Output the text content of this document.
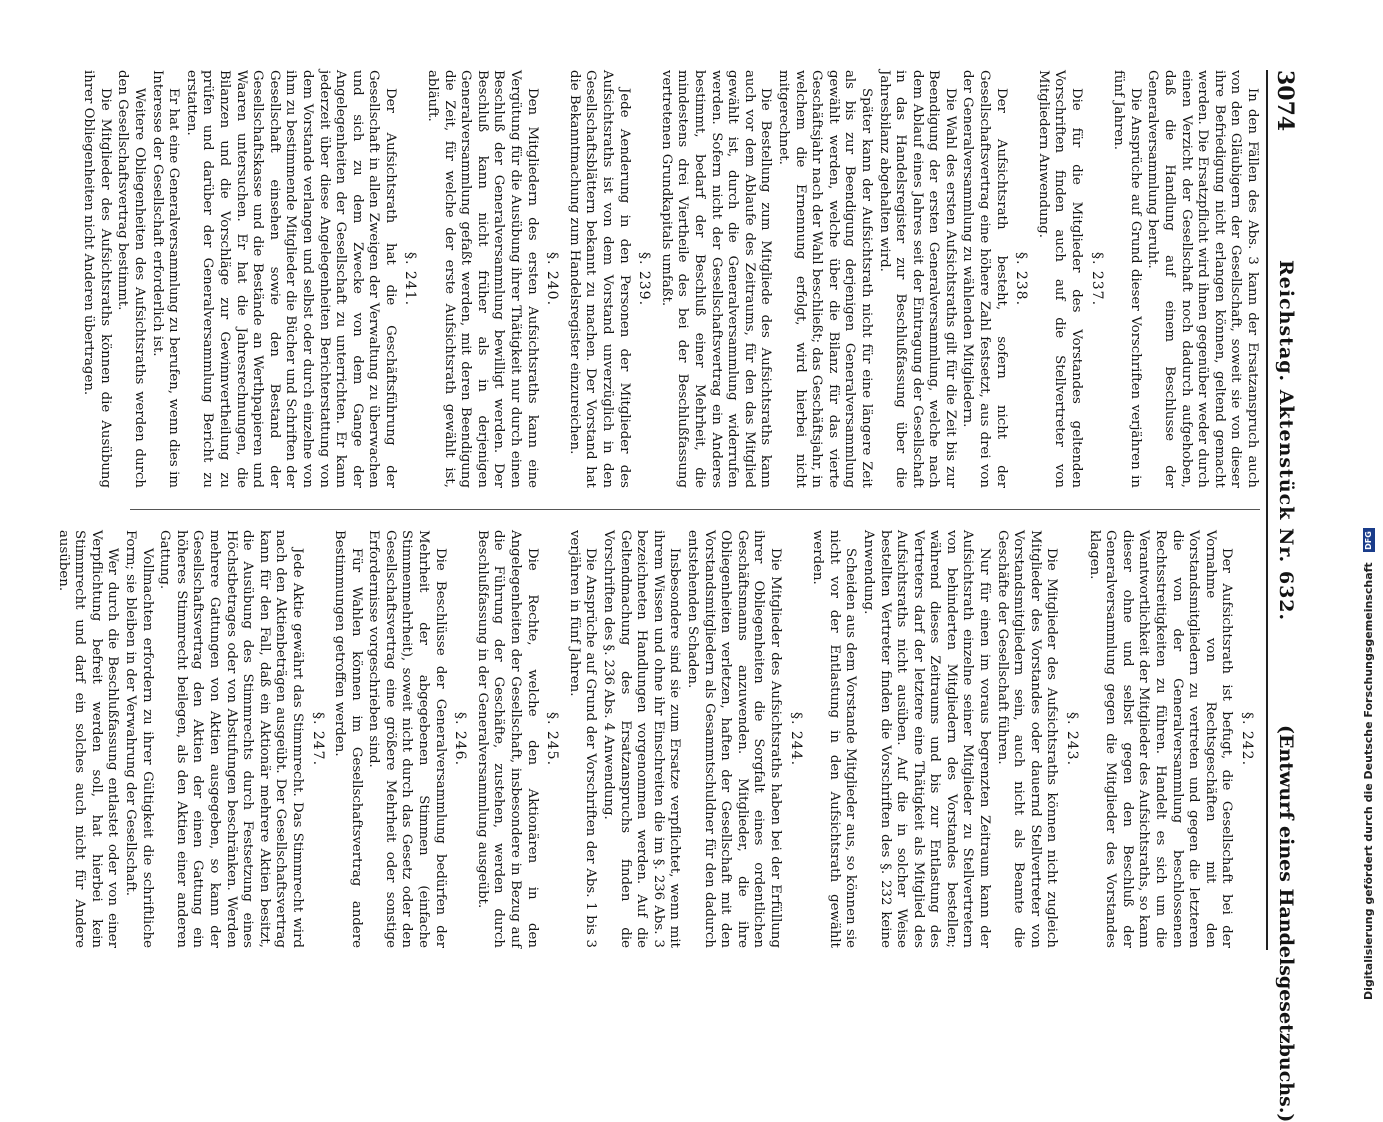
3074
Reichstag. Aktenstück Nr. 632.
(Entwurf eines Handelsgesetzbuchs.)
In den Fällen des Abs. 3 kann der Ersatzanspruch auch von den Gläubigern der Gesellschaft, soweit sie von dieser ihre Befriedigung nicht erlangen können, geltend gemacht werden. Die Ersatzpflicht wird ihnen gegenüber weder durch einen Verzicht der Gesellschaft noch dadurch aufgehoben, daß die Handlung auf einem Beschlusse der Generalversammlung beruht.
Die Ansprüche auf Grund dieser Vorschriften verjähren in fünf Jahren.
§. 237.
Die für die Mitglieder des Vorstandes geltenden Vorschriften finden auch auf die Stellvertreter von Mitgliedern Anwendung.
§. 238.
Der Aufsichtsrath besteht, sofern nicht der Gesellschaftsvertrag eine höhere Zahl festsetzt, aus drei von der Generalversammlung zu wählenden Mitgliedern.
Die Wahl des ersten Aufsichtsraths gilt für die Zeit bis zur Beendigung der ersten Generalversammlung, welche nach dem Ablauf eines Jahres seit der Eintragung der Gesellschaft in das Handelsregister zur Beschlußfassung über die Jahresbilanz abgehalten wird.
Später kann der Aufsichtsrath nicht für eine längere Zeit als bis zur Beendigung derjenigen Generalversammlung gewählt werden, welche über die Bilanz für das vierte Geschäftsjahr nach der Wahl beschließt; das Geschäftsjahr, in welchem die Ernennung erfolgt, wird hierbei nicht mitgerechnet.
Die Bestellung zum Mitgliede des Aufsichtsraths kann auch vor dem Ablaufe des Zeitraums, für den das Mitglied gewählt ist, durch die Generalversammlung widerrufen werden. Sofern nicht der Gesellschaftsvertrag ein Anderes bestimmt, bedarf der Beschluß einer Mehrheit, die mindestens drei Viertheile des bei der Beschlußfassung vertretenen Grundkapitals umfaßt.
§. 239.
Jede Aenderung in den Personen der Mitglieder des Aufsichtsraths ist von dem Vorstand unverzüglich in den Gesellschaftsblättern bekannt zu machen. Der Vorstand hat die Bekanntmachung zum Handelsregister einzureichen.
§. 240.
Den Mitgliedern des ersten Aufsichtsraths kann eine Vergütung für die Ausübung ihrer Thätigkeit nur durch einen Beschluß der Generalversammlung bewilligt werden. Der Beschluß kann nicht früher als in derjenigen Generalversammlung gefaßt werden, mit deren Beendigung die Zeit, für welche der erste Aufsichtsrath gewählt ist, abläuft.
§. 241.
Der Aufsichtsrath hat die Geschäftsführung der Gesellschaft in allen Zweigen der Verwaltung zu überwachen und sich zu dem Zwecke von dem Gange der Angelegenheiten der Gesellschaft zu unterrichten. Er kann jederzeit über diese Angelegenheiten Berichterstattung von dem Vorstande verlangen und selbst oder durch einzelne von ihm zu bestimmende Mitglieder die Bücher und Schriften der Gesellschaft einsehen sowie den Bestand der Gesellschaftskasse und die Bestände an Werthpapieren und Waaren untersuchen. Er hat die Jahresrechnungen, die Bilanzen und die Vorschläge zur Gewinnvertheilung zu prüfen und darüber der Generalversammlung Bericht zu erstatten.
Er hat eine Generalversammlung zu berufen, wenn dies im Interesse der Gesellschaft erforderlich ist.
Weitere Obliegenheiten des Aufsichtsraths werden durch den Gesellschaftsvertrag bestimmt.
Die Mitglieder des Aufsichtsraths können die Ausübung ihrer Obliegenheiten nicht Anderen übertragen.
§. 242.
Der Aufsichtsrath ist befugt, die Gesellschaft bei der Vornahme von Rechtsgeschäften mit den Vorstandsmitgliedern zu vertreten und gegen die letzteren die von der Generalversammlung beschlossenen Rechtsstreitigkeiten zu führen. Handelt es sich um die Verantwortlichkeit der Mitglieder des Aufsichtsraths, so kann dieser ohne und selbst gegen den Beschluß der Generalversammlung gegen die Mitglieder des Vorstandes klagen.
§. 243.
Die Mitglieder des Aufsichtsraths können nicht zugleich Mitglieder des Vorstandes oder dauernd Stellvertreter von Vorstandsmitgliedern sein, auch nicht als Beamte die Geschäfte der Gesellschaft führen.
Nur für einen im voraus begrenzten Zeitraum kann der Aufsichtsrath einzelne seiner Mitglieder zu Stellvertretern von behinderten Mitgliedern des Vorstandes bestellen; während dieses Zeitraums und bis zur Entlastung des Vertreters darf der letztere eine Thätigkeit als Mitglied des Aufsichtsraths nicht ausüben. Auf die in solcher Weise bestellten Vertreter finden die Vorschriften des §. 232 keine Anwendung.
Scheiden aus dem Vorstande Mitglieder aus, so können sie nicht vor der Entlastung in den Aufsichtsrath gewählt werden.
§. 244.
Die Mitglieder des Aufsichtsraths haben bei der Erfüllung ihrer Obliegenheiten die Sorgfalt eines ordentlichen Geschäftsmanns anzuwenden. Mitglieder, die ihre Obliegenheiten verletzen, haften der Gesellschaft mit den Vorstandsmitgliedern als Gesammtschuldner für den dadurch entstehenden Schaden.
Insbesondere sind sie zum Ersatze verpflichtet, wenn mit ihrem Wissen und ohne ihr Einschreiten die im §. 236 Abs. 3 bezeichneten Handlungen vorgenommen werden. Auf die Geltendmachung des Ersatzanspruchs finden die Vorschriften des §. 236 Abs. 4 Anwendung.
Die Ansprüche auf Grund der Vorschriften der Abs. 1 bis 3 verjähren in fünf Jahren.
§. 245.
Die Rechte, welche den Aktionären in den Angelegenheiten der Gesellschaft, insbesondere in Bezug auf die Führung der Geschäfte, zustehen, werden durch Beschlußfassung in der Generalversammlung ausgeübt.
§. 246.
Die Beschlüsse der Generalversammlung bedürfen der Mehrheit der abgegebenen Stimmen (einfache Stimmenmehrheit), soweit nicht durch das Gesetz oder den Gesellschaftsvertrag eine größere Mehrheit oder sonstige Erfordernisse vorgeschrieben sind.
Für Wahlen können im Gesellschaftsvertrag andere Bestimmungen getroffen werden.
§. 247.
Jede Aktie gewährt das Stimmrecht. Das Stimmrecht wird nach den Aktienbeträgen ausgeübt. Der Gesellschaftsvertrag kann für den Fall, daß ein Aktionär mehrere Aktien besitzt, die Ausübung des Stimmrechts durch Festsetzung eines Höchstbetrages oder von Abstufungen beschränken. Werden mehrere Gattungen von Aktien ausgegeben, so kann der Gesellschaftsvertrag den Aktien der einen Gattung ein höheres Stimmrecht beilegen, als den Aktien einer anderen Gattung.
Vollmachten erfordern zu ihrer Gültigkeit die schriftliche Form; sie bleiben in der Verwahrung der Gesellschaft.
Wer durch die Beschlußfassung entlastet oder von einer Verpflichtung befreit werden soll, hat hierbei kein Stimmrecht und darf ein solches auch nicht für Andere ausüben.
Digitalisierung gefördert durch die Deutsche Forschungsgemeinschaft DFG
